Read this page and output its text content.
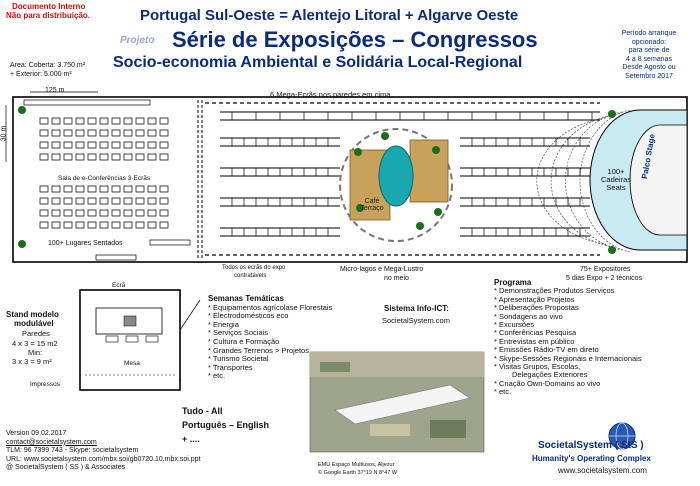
Documento Interno
Não para distribuição.	Portugal Sul-Oeste = Alentejo Litoral + Algarve Oeste
Projeto Série de Exposições – Congressos
Socio-economia Ambiental e Solidária Local-Regional
Período arranque
opcionado:
para série de
4 a 8 semanas
Desde Agosto ou
Setembro 2017
Area: Coberta: 3.750 m²
+ Exterior: 5.000 m²
125 m
30 m
6 Mega-Ecrãs nos paredes em cima
Sala de e-Conferências 3-Ecrãs
100+ Lugares Sentados
Café Terraço
Todos os ecrãs do expo
contratáveis
Micro-lagos e Mega-Lustro
no meio
Palco Stage
100+
Cadeiras
Seats
75+ Expositores
5 dias Expo + 2 técnicos
Stand modelo
modulável
Paredes
4 x 3 = 15 m2
Min:
3 x 3 = 9 m²
Impressos
Ecrã
Mesa
Semanas Temáticas
* Equipamentos agrícolase Florestais
* Electrodomésticos eco
* Energia
* Serviços Sociais
* Cultura e Formação
* Grandes Terrenos > Projetos
* Turismo Societal
* Transportes
* etc.
Sistema Info-ICT:
SocietalSystem.com
Programa
* Demonstrações Produtos Serviços
* Apresentação Projetos
* Deliberações Propostas
* Sondagens ao vivo
* Excursões
* Conferências Pesquisa
* Entrevistas em público
* Emissões Rádio-TV em direto
* Skype-Sessões Regionais e Internacionais
* Visitas Grupos, Escolas,
Delegações Exteriores
* Criação Own-Domains ao vivo
* etc.
Tudo - All
Português – English
+ ....
EMU Espaço Multiusos, Aljezur
© Google Earth 37°19 N 8°47 W
Version 09.02.2017
contact@societalsystem.com
TLM: 96 7399 743 - Skype: societalsystem
URL: www.societalsystem.com/mbx.soi/gb0720.10.mbx.soi.ppt
@ SocietalSystem ( SS ) & Associates
SocietalSystem ( StS )
Humanity's Operating Complex
www.societalsystem.com
